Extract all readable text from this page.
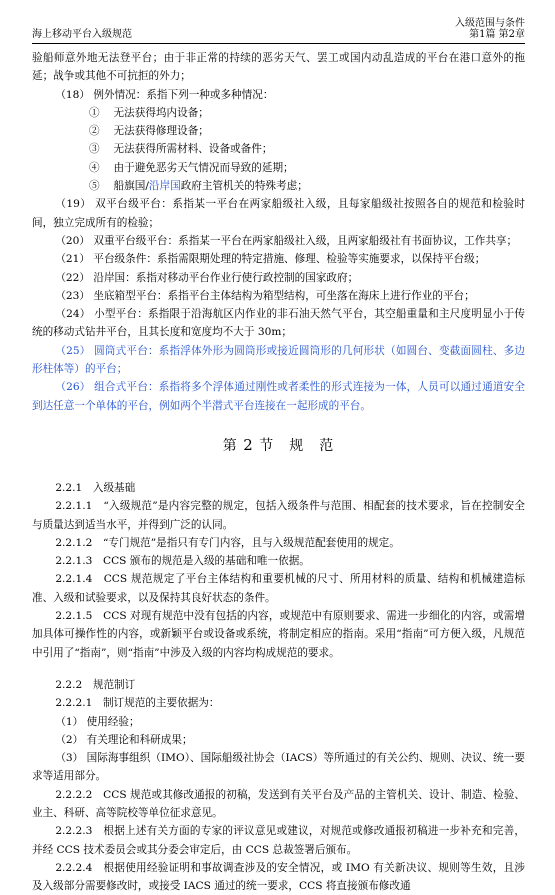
入级范围与条件
海上移动平台入级规范	第1篇 第2章
验船师意外地无法登平台；由于非正常的持续的恶劣天气、罢工或国内动乱造成的平台在港口意外的拖延；战争或其他不可抗拒的外力；
（18） 例外情况：系指下列一种或多种情况：
①　 无法获得坞内设备；
②　 无法获得修理设备；
③　 无法获得所需材料、设备或备件；
④　 由于避免恶劣天气情况而导致的延期；
⑤　 船旗国/沿岸国政府主管机关的特殊考虑；
（19） 双平台级平台：系指某一平台在两家船级社入级，且每家船级社按照各自的规范和检验时间，独立完成所有的检验；
（20） 双重平台级平台：系指某一平台在两家船级社入级，且两家船级社有书面协议，工作共享；
（21） 平台级条件：系指需限期处理的特定措施、修理、检验等实施要求，以保持平台级；
（22） 沿岸国：系指对移动平台作业行使行政控制的国家政府；
（23） 坐底箱型平台：系指平台主体结构为箱型结构，可坐落在海床上进行作业的平台；
（24） 小型平台：系指限于沿海航区内作业的非石油天然气平台，其空船重量和主尺度明显小于传统的移动式钻井平台，且其长度和宽度均不大于 30m；
（25） 圆筒式平台：系指浮体外形为圆筒形或接近圆筒形的几何形状（如圆台、变截面圆柱、多边形柱体等）的平台；
（26） 组合式平台：系指将多个浮体通过刚性或者柔性的形式连接为一体，人员可以通过通道安全到达任意一个单体的平台，例如两个半潜式平台连接在一起形成的平台。
第 2 节　规　范
2.2.1　入级基础
2.2.1.1　“入级规范”是内容完整的规定，包括入级条件与范围、相配套的技术要求，旨在控制安全与质量达到适当水平，并得到广泛的认同。
2.2.1.2　“专门规范”是指只有专门内容，且与入级规范配套使用的规定。
2.2.1.3　CCS 颁布的规范是入级的基础和唯一依据。
2.2.1.4　CCS 规范规定了平台主体结构和重要机械的尺寸、所用材料的质量、结构和机械建造标准、入级和试验要求，以及保持其良好状态的条件。
2.2.1.5　CCS 对现有规范中没有包括的内容，或规范中有原则要求、需进一步细化的内容，或需增加具体可操作性的内容，或新颖平台或设备或系统，将制定相应的指南。采用“指南”可方便入级，凡规范中引用了“指南”，则“指南”中涉及入级的内容均构成规范的要求。
2.2.2　规范制订
2.2.2.1　制订规范的主要依据为：
（1） 使用经验；
（2） 有关理论和科研成果；
（3） 国际海事组织（IMO）、国际船级社协会（IACS）等所通过的有关公约、规则、决议、统一要求等适用部分。
2.2.2.2　CCS 规范或其修改通报的初稿，发送到有关平台及产品的主管机关、设计、制造、检验、业主、科研、高等院校等单位征求意见。
2.2.2.3　根据上述有关方面的专家的评议意见或建议，对规范或修改通报初稿进一步补充和完善，并经 CCS 技术委员会或其分委会审定后，由 CCS 总裁签署后颁布。
2.2.2.4　根据使用经验证明和事故调查涉及的安全情况，或 IMO 有关新决议、规则等生效，且涉及入级部分需要修改时，或接受 IACS 通过的统一要求，CCS 将直接颁布修改通
